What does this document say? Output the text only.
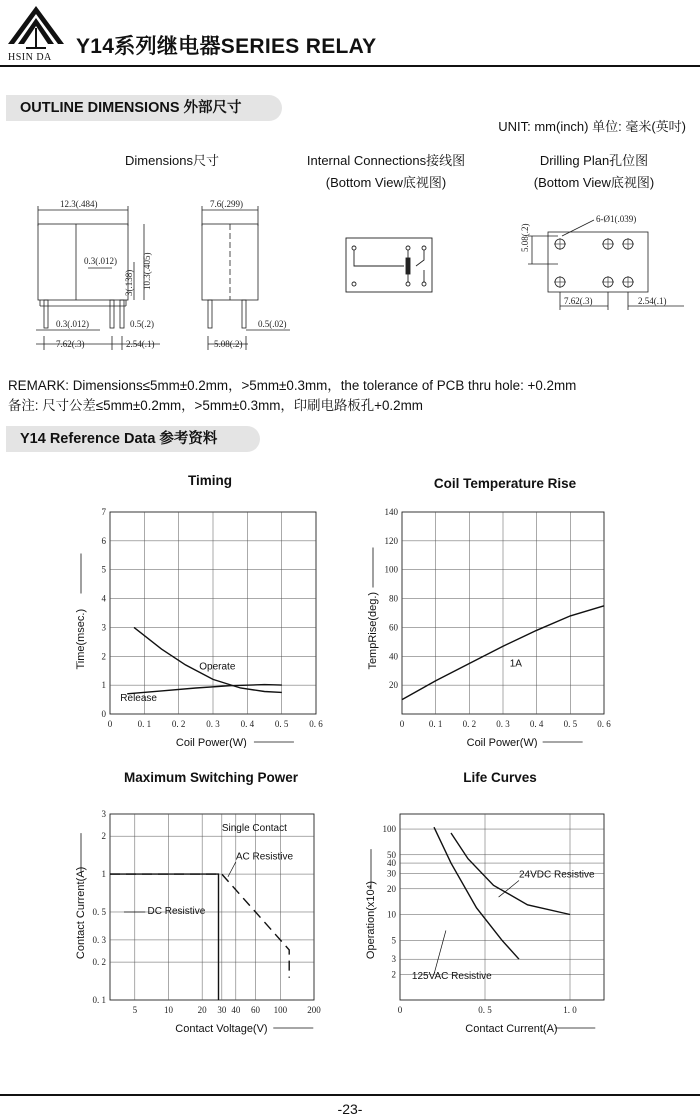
HSIN DA Y14系列继电器SERIES RELAY
OUTLINE DIMENSIONS 外部尺寸
UNIT: mm(inch) 单位: 毫米(英吋)
Dimensions尺寸	Internal Connections接线图
(Bottom View底视图)
Drilling Plan孔位图
(Bottom View底视图)
12.3(.484)
0.3(.012)
3(.138) 10.3(.405)
0.3(.012)	0.5(.2)
7.62(.3)	2.54(.1)
7.6(.299)
0.5(.02)
5.08(.2)
5.08(.2)
6-Ø1(.039)
7.62(.3)	2.54(.1)
REMARK: Dimensions≤5mm±0.2mm，>5mm±0.3mm，the tolerance of PCB thru hole: +0.2mm
备注: 尺寸公差≤5mm±0.2mm，>5mm±0.3mm，印刷电路板孔+0.2mm
Y14 Reference Data 参考资料
Timing
0	0. 1 0. 2 0. 3 0. 4 0. 5 0. 6
0
1
2
3
4
5
6
7
Coil Power(W)
Time(msec.)	Operate
Release
Coil Temperature Rise
0	0. 1 0. 2 0. 3 0. 4 0. 5 0. 6
20
40
60
80
100
120
140
Coil Power(W)
TempRise(deg.)	1A
Maximum Switching Power
5	10	20 30 40 60 100 200
0. 1
0. 2
0. 3
0. 5
1
2
3
Contact Voltage(V)
Contact Current(A)
Single Contact
AC Resistive
DC Resistive
Life Curves
0	0. 5	1. 0
2
3
5
10
20
30
40
50
100
Contact Current(A)
Operation(x10⁴)
24VDC Resistive
125VAC Resistive
-23-
